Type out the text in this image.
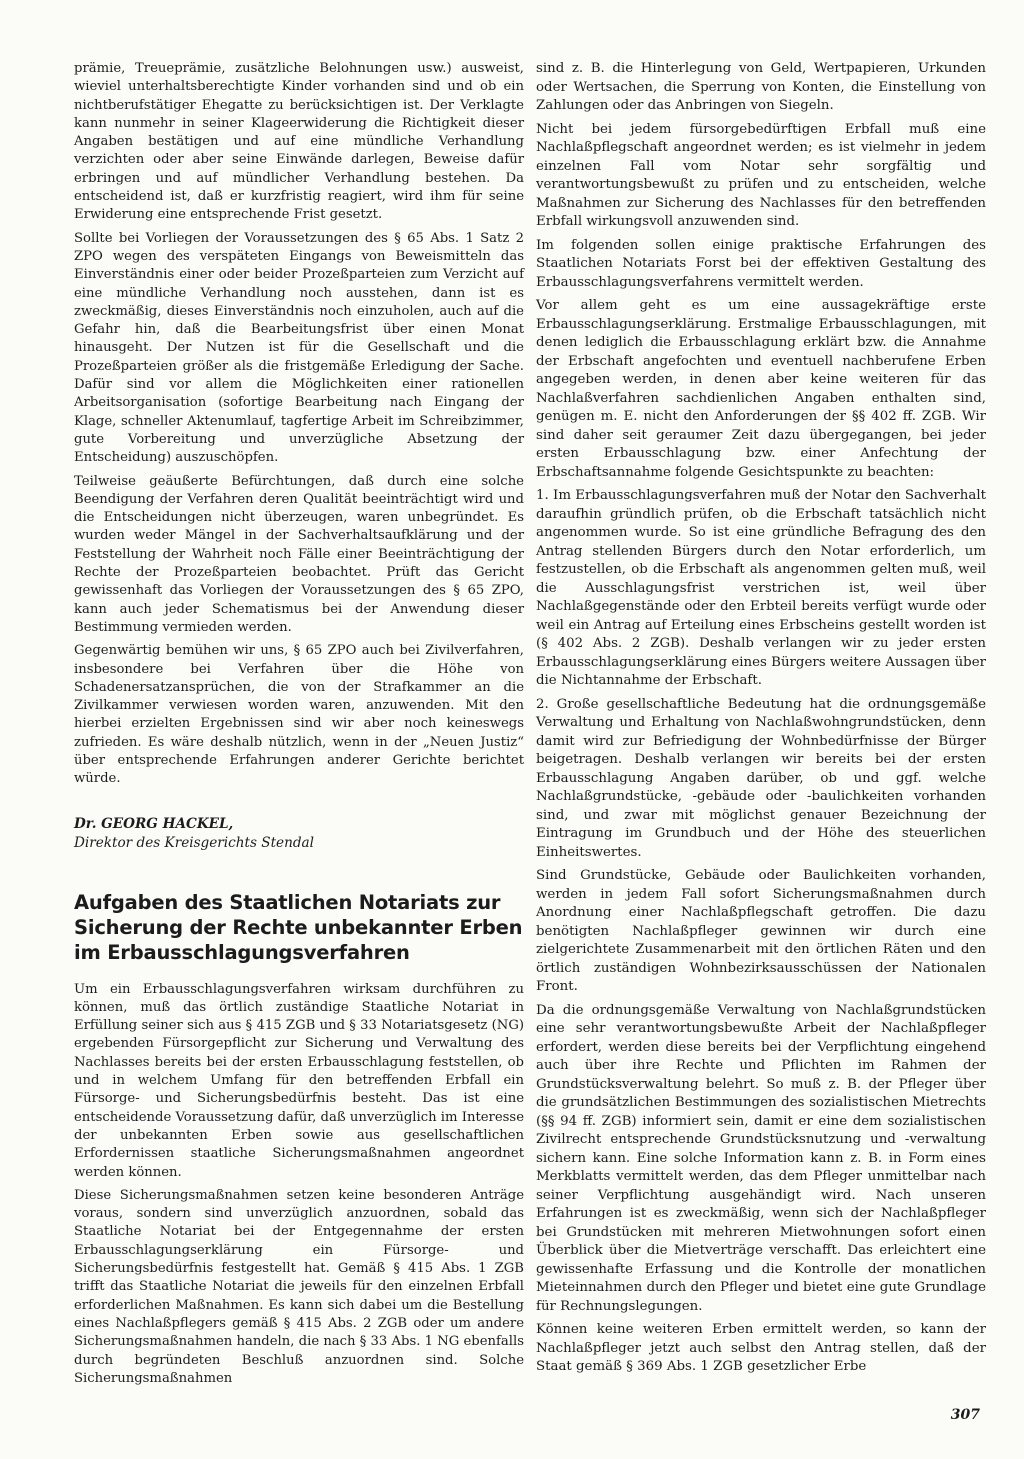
prämie, Treueprämie, zusätzliche Belohnungen usw.) ausweist, wieviel unterhaltsberechtigte Kinder vorhanden sind und ob ein nichtberufstätiger Ehegatte zu berücksichtigen ist. Der Verklagte kann nunmehr in seiner Klageerwiderung die Richtigkeit dieser Angaben bestätigen und auf eine mündliche Verhandlung verzichten oder aber seine Einwände darlegen, Beweise dafür erbringen und auf mündlicher Verhandlung bestehen. Da entscheidend ist, daß er kurzfristig reagiert, wird ihm für seine Erwiderung eine entsprechende Frist gesetzt.

Sollte bei Vorliegen der Voraussetzungen des § 65 Abs. 1 Satz 2 ZPO wegen des verspäteten Eingangs von Beweismitteln das Einverständnis einer oder beider Prozeßparteien zum Verzicht auf eine mündliche Verhandlung noch ausstehen, dann ist es zweckmäßig, dieses Einverständnis noch einzuholen, auch auf die Gefahr hin, daß die Bearbeitungsfrist über einen Monat hinausgeht. Der Nutzen ist für die Gesellschaft und die Prozeßparteien größer als die fristgemäße Erledigung der Sache. Dafür sind vor allem die Möglichkeiten einer rationellen Arbeitsorganisation (sofortige Bearbeitung nach Eingang der Klage, schneller Aktenumlauf, tagfertige Arbeit im Schreibzimmer, gute Vorbereitung und unverzügliche Absetzung der Entscheidung) auszuschöpfen.

Teilweise geäußerte Befürchtungen, daß durch eine solche Beendigung der Verfahren deren Qualität beeinträchtigt wird und die Entscheidungen nicht überzeugen, waren unbegründet. Es wurden weder Mängel in der Sachverhaltsaufklärung und der Feststellung der Wahrheit noch Fälle einer Beeinträchtigung der Rechte der Prozeßparteien beobachtet. Prüft das Gericht gewissenhaft das Vorliegen der Voraussetzungen des § 65 ZPO, kann auch jeder Schematismus bei der Anwendung dieser Bestimmung vermieden werden.

Gegenwärtig bemühen wir uns, § 65 ZPO auch bei Zivilverfahren, insbesondere bei Verfahren über die Höhe von Schadenersatzansprüchen, die von der Strafkammer an die Zivilkammer verwiesen worden waren, anzuwenden. Mit den hierbei erzielten Ergebnissen sind wir aber noch keineswegs zufrieden. Es wäre deshalb nützlich, wenn in der „Neuen Justiz“ über entsprechende Erfahrungen anderer Gerichte berichtet würde.

Dr. GEORG HACKEL,
Direktor des Kreisgerichts Stendal
Aufgaben des Staatlichen Notariats zur Sicherung der Rechte unbekannter Erben im Erbausschlagungsverfahren

Um ein Erbausschlagungsverfahren wirksam durchführen zu können, muß das örtlich zuständige Staatliche Notariat in Erfüllung seiner sich aus § 415 ZGB und § 33 Notariatsgesetz (NG) ergebenden Fürsorgepflicht zur Sicherung und Verwaltung des Nachlasses bereits bei der ersten Erbausschlagung feststellen, ob und in welchem Umfang für den betreffenden Erbfall ein Fürsorge- und Sicherungsbedürfnis besteht. Das ist eine entscheidende Voraussetzung dafür, daß unverzüglich im Interesse der unbekannten Erben sowie aus gesellschaftlichen Erfordernissen staatliche Sicherungsmaßnahmen angeordnet werden können.

Diese Sicherungsmaßnahmen setzen keine besonderen Anträge voraus, sondern sind unverzüglich anzuordnen, sobald das Staatliche Notariat bei der Entgegennahme der ersten Erbausschlagungserklärung ein Fürsorge- und Sicherungsbedürfnis festgestellt hat. Gemäß § 415 Abs. 1 ZGB trifft das Staatliche Notariat die jeweils für den einzelnen Erbfall erforderlichen Maßnahmen. Es kann sich dabei um die Bestellung eines Nachlaßpflegers gemäß § 415 Abs. 2 ZGB oder um andere Sicherungsmaßnahmen handeln, die nach § 33 Abs. 1 NG ebenfalls durch begründeten Beschluß anzuordnen sind. Solche Sicherungsmaßnahmen

sind z. B. die Hinterlegung von Geld, Wertpapieren, Urkunden oder Wertsachen, die Sperrung von Konten, die Einstellung von Zahlungen oder das Anbringen von Siegeln.

Nicht bei jedem fürsorgebedürftigen Erbfall muß eine Nachlaßpflegschaft angeordnet werden; es ist vielmehr in jedem einzelnen Fall vom Notar sehr sorgfältig und verantwortungsbewußt zu prüfen und zu entscheiden, welche Maßnahmen zur Sicherung des Nachlasses für den betreffenden Erbfall wirkungsvoll anzuwenden sind.

Im folgenden sollen einige praktische Erfahrungen des Staatlichen Notariats Forst bei der effektiven Gestaltung des Erbausschlagungsverfahrens vermittelt werden.

Vor allem geht es um eine aussagekräftige erste Erbausschlagungserklärung. Erstmalige Erbausschlagungen, mit denen lediglich die Erbausschlagung erklärt bzw. die Annahme der Erbschaft angefochten und eventuell nachberufene Erben angegeben werden, in denen aber keine weiteren für das Nachlaßverfahren sachdienlichen Angaben enthalten sind, genügen m. E. nicht den Anforderungen der §§ 402 ff. ZGB. Wir sind daher seit geraumer Zeit dazu übergegangen, bei jeder ersten Erbausschlagung bzw. einer Anfechtung der Erbschaftsannahme folgende Gesichtspunkte zu beachten:

1. Im Erbausschlagungsverfahren muß der Notar den Sachverhalt daraufhin gründlich prüfen, ob die Erbschaft tatsächlich nicht angenommen wurde. So ist eine gründliche Befragung des den Antrag stellenden Bürgers durch den Notar erforderlich, um festzustellen, ob die Erbschaft als angenommen gelten muß, weil die Ausschlagungsfrist verstrichen ist, weil über Nachlaßgegenstände oder den Erbteil bereits verfügt wurde oder weil ein Antrag auf Erteilung eines Erbscheins gestellt worden ist (§ 402 Abs. 2 ZGB). Deshalb verlangen wir zu jeder ersten Erbausschlagungserklärung eines Bürgers weitere Aussagen über die Nichtannahme der Erbschaft.

2. Große gesellschaftliche Bedeutung hat die ordnungsgemäße Verwaltung und Erhaltung von Nachlaßwohngrundstücken, denn damit wird zur Befriedigung der Wohnbedürfnisse der Bürger beigetragen. Deshalb verlangen wir bereits bei der ersten Erbausschlagung Angaben darüber, ob und ggf. welche Nachlaßgrundstücke, -gebäude oder -baulichkeiten vorhanden sind, und zwar mit möglichst genauer Bezeichnung der Eintragung im Grundbuch und der Höhe des steuerlichen Einheitswertes.

Sind Grundstücke, Gebäude oder Baulichkeiten vorhanden, werden in jedem Fall sofort Sicherungsmaßnahmen durch Anordnung einer Nachlaßpflegschaft getroffen. Die dazu benötigten Nachlaßpfleger gewinnen wir durch eine zielgerichtete Zusammenarbeit mit den örtlichen Räten und den örtlich zuständigen Wohnbezirksausschüssen der Nationalen Front.

Da die ordnungsgemäße Verwaltung von Nachlaßgrundstücken eine sehr verantwortungsbewußte Arbeit der Nachlaßpfleger erfordert, werden diese bereits bei der Verpflichtung eingehend auch über ihre Rechte und Pflichten im Rahmen der Grundstücksverwaltung belehrt. So muß z. B. der Pfleger über die grundsätzlichen Bestimmungen des sozialistischen Mietrechts (§§ 94 ff. ZGB) informiert sein, damit er eine dem sozialistischen Zivilrecht entsprechende Grundstücksnutzung und -verwaltung sichern kann. Eine solche Information kann z. B. in Form eines Merkblatts vermittelt werden, das dem Pfleger unmittelbar nach seiner Verpflichtung ausgehändigt wird. Nach unseren Erfahrungen ist es zweckmäßig, wenn sich der Nachlaßpfleger bei Grundstücken mit mehreren Mietwohnungen sofort einen Überblick über die Mietverträge verschafft. Das erleichtert eine gewissenhafte Erfassung und die Kontrolle der monatlichen Mieteinnahmen durch den Pfleger und bietet eine gute Grundlage für Rechnungslegungen.

Können keine weiteren Erben ermittelt werden, so kann der Nachlaßpfleger jetzt auch selbst den Antrag stellen, daß der Staat gemäß § 369 Abs. 1 ZGB gesetzlicher Erbe

307
